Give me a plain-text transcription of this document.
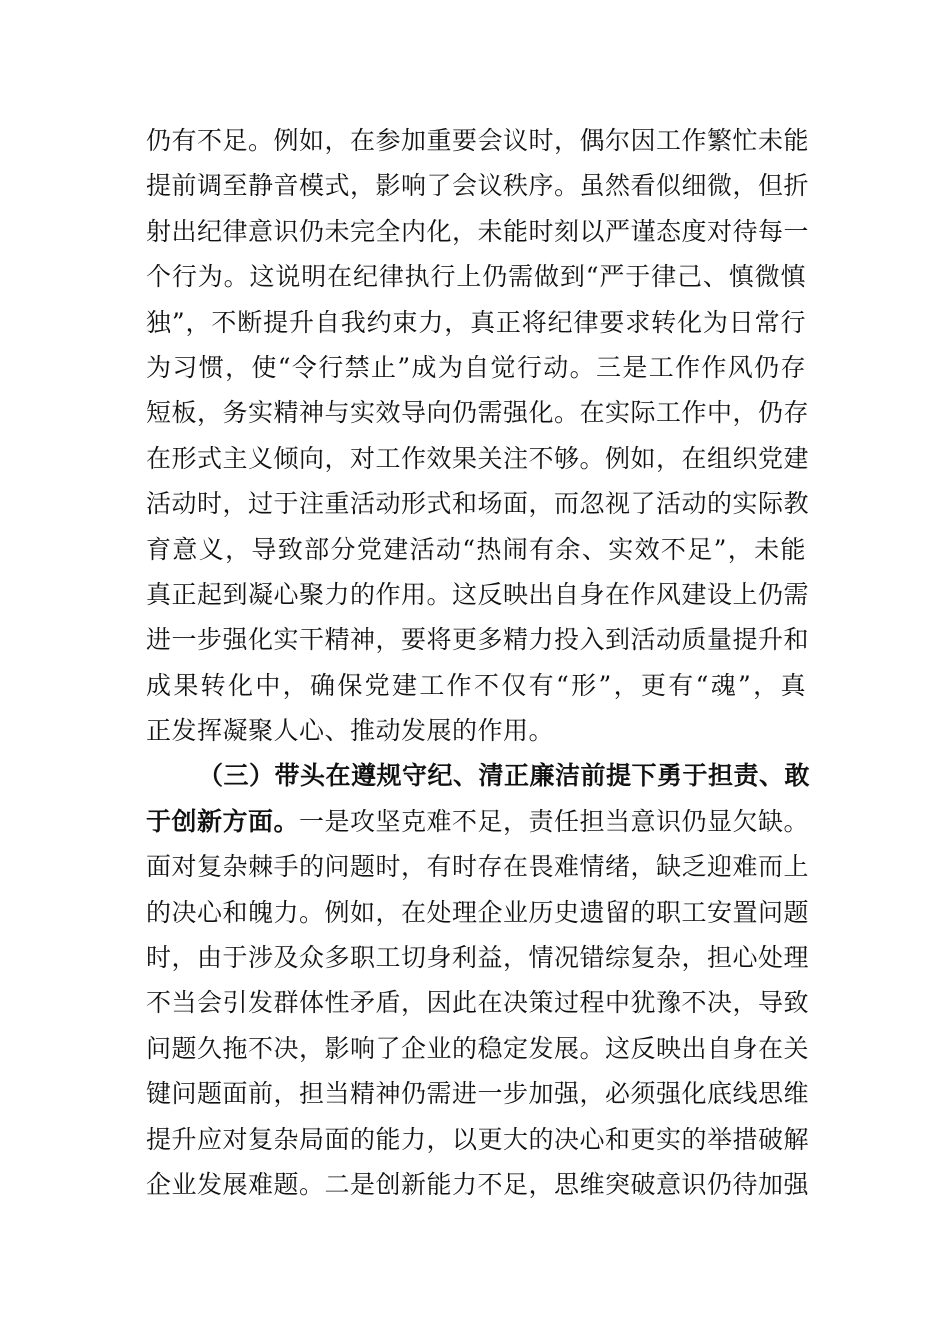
仍有不足。例如，在参加重要会议时，偶尔因工作繁忙未能
提前调至静音模式，影响了会议秩序。虽然看似细微，但折
射出纪律意识仍未完全内化，未能时刻以严谨态度对待每一
个行为。这说明在纪律执行上仍需做到“严于律己、慎微慎
独”，不断提升自我约束力，真正将纪律要求转化为日常行
为习惯，使“令行禁止”成为自觉行动。三是工作作风仍存
短板，务实精神与实效导向仍需强化。在实际工作中，仍存
在形式主义倾向，对工作效果关注不够。例如，在组织党建
活动时，过于注重活动形式和场面，而忽视了活动的实际教
育意义，导致部分党建活动“热闹有余、实效不足”，未能
真正起到凝心聚力的作用。这反映出自身在作风建设上仍需
进一步强化实干精神，要将更多精力投入到活动质量提升和
成果转化中，确保党建工作不仅有“形”，更有“魂”，真
正发挥凝聚人心、推动发展的作用。
（三）带头在遵规守纪、清正廉洁前提下勇于担责、敢
于创新方面。一是攻坚克难不足，责任担当意识仍显欠缺。
面对复杂棘手的问题时，有时存在畏难情绪，缺乏迎难而上
的决心和魄力。例如，在处理企业历史遗留的职工安置问题
时，由于涉及众多职工切身利益，情况错综复杂，担心处理
不当会引发群体性矛盾，因此在决策过程中犹豫不决，导致
问题久拖不决，影响了企业的稳定发展。这反映出自身在关
键问题面前，担当精神仍需进一步加强，必须强化底线思维
提升应对复杂局面的能力，以更大的决心和更实的举措破解
企业发展难题。二是创新能力不足，思维突破意识仍待加强
